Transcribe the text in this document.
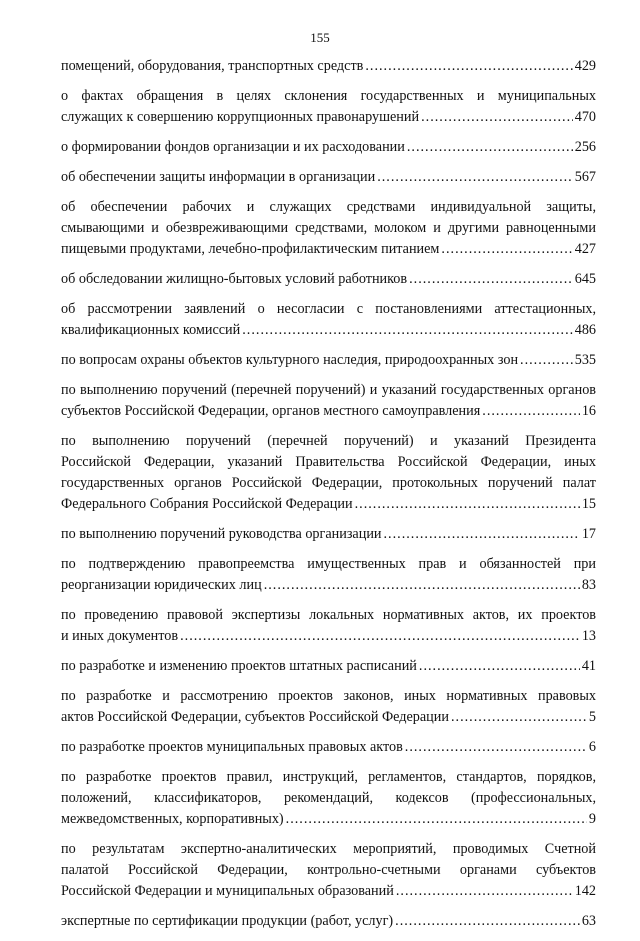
155
помещений, оборудования, транспортных средств .....	429
о фактах обращения в целях склонения государственных и муниципальных
служащих к совершению коррупционных правонарушений .....	470
о формировании фондов организации и их расходовании .....	256
об обеспечении защиты информации в организации .....	567
об обеспечении рабочих и служащих средствами индивидуальной защиты,
смывающими и обезвреживающими средствами, молоком и другими равноценными
пищевыми продуктами, лечебно-профилактическим питанием .....	427
об обследовании жилищно-бытовых условий работников .....	645
об рассмотрении заявлений о несогласии с постановлениями аттестационных,
квалификационных комиссий .....	486
по вопросам охраны объектов культурного наследия, природоохранных зон .....	535
по выполнению поручений (перечней поручений) и указаний государственных органов
субъектов Российской Федерации, органов местного самоуправления .....	16
по выполнению поручений (перечней поручений) и указаний Президента
Российской Федерации, указаний Правительства Российской Федерации, иных
государственных органов Российской Федерации, протокольных поручений палат
Федерального Собрания Российской Федерации .....	15
по выполнению поручений руководства организации .....	17
по подтверждению правопреемства имущественных прав и обязанностей при
реорганизации юридических лиц .....	83
по проведению правовой экспертизы локальных нормативных актов, их проектов
и иных документов .....	13
по разработке и изменению проектов штатных расписаний .....	41
по разработке и рассмотрению проектов законов, иных нормативных правовых
актов Российской Федерации, субъектов Российской Федерации .....	5
по разработке проектов муниципальных правовых актов .....	6
по разработке проектов правил, инструкций, регламентов, стандартов, порядков,
положений, классификаторов, рекомендаций, кодексов (профессиональных,
межведомственных, корпоративных) .....	9
по результатам экспертно-аналитических мероприятий, проводимых Счетной
палатой Российской Федерации, контрольно-счетными органами субъектов
Российской Федерации и муниципальных образований .....	142
экспертные по сертификации продукции (работ, услуг) .....	63
